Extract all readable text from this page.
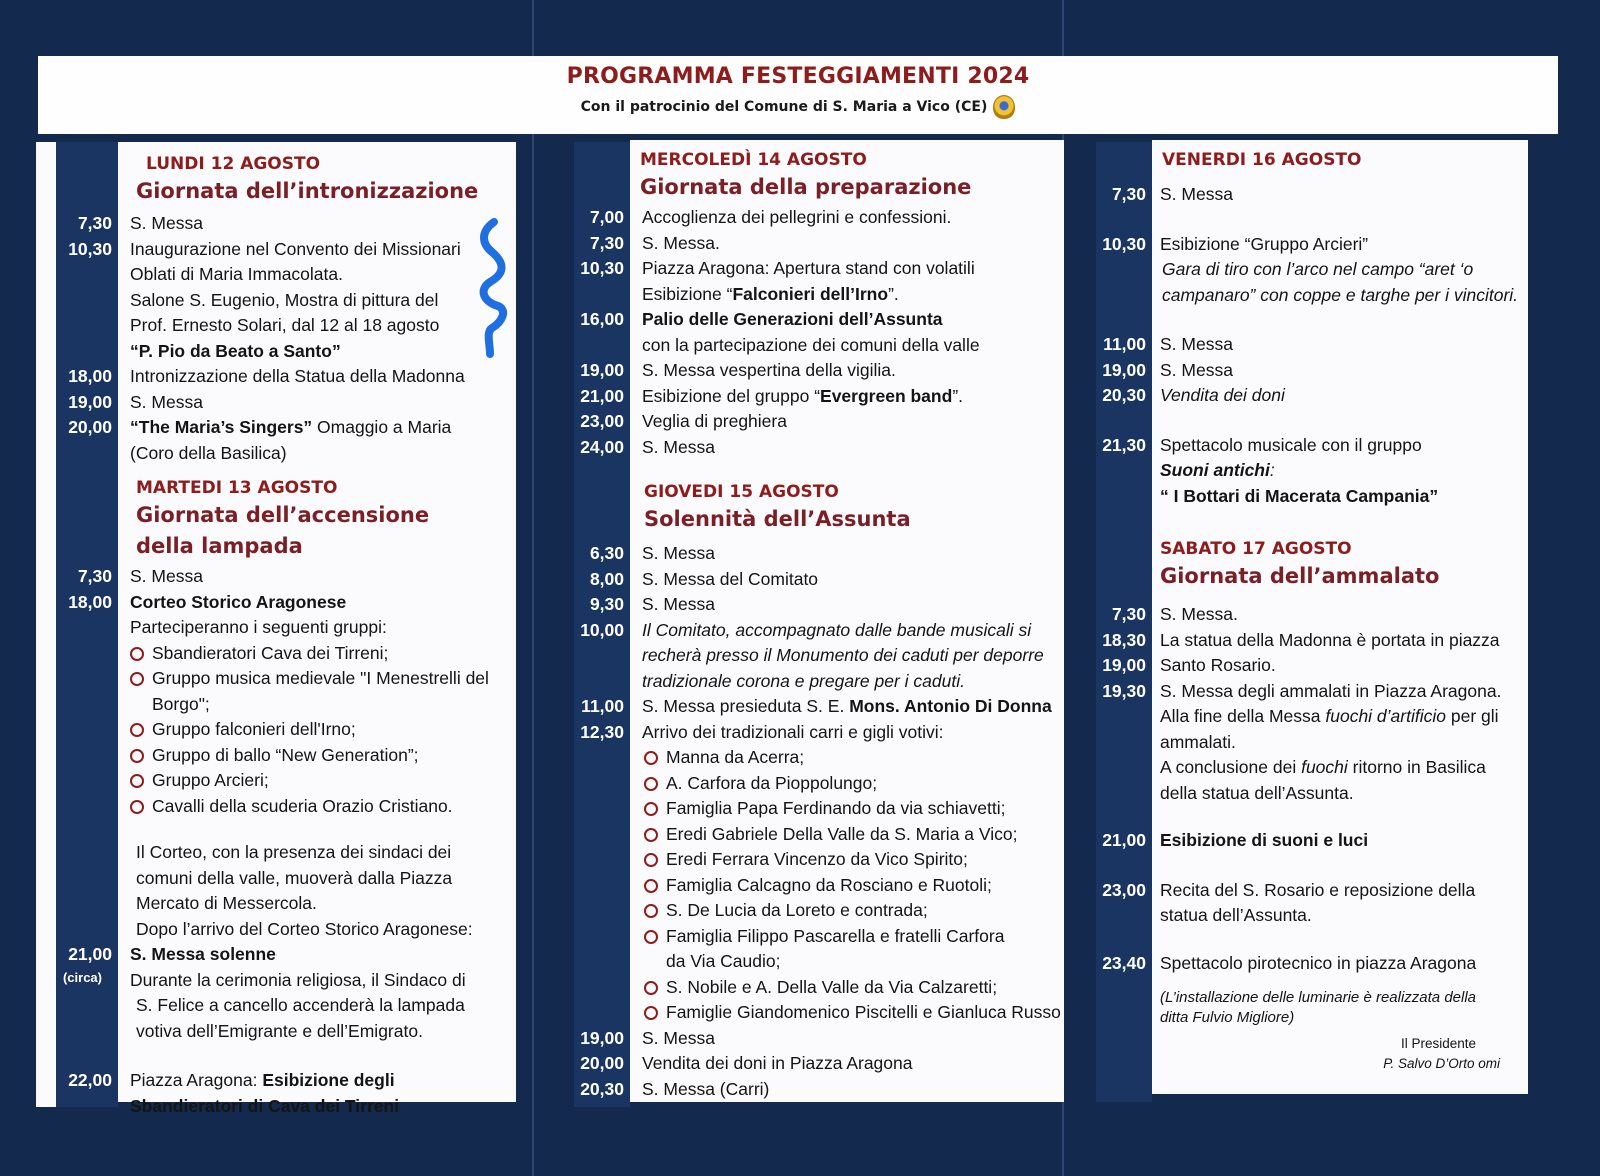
PROGRAMMA FESTEGGIAMENTI 2024
Con il patrocinio del Comune di S. Maria a Vico (CE)
LUNDI 12 AGOSTO
Giornata dell’intronizzazione
7,30	S. Messa
10,30	Inaugurazione nel Convento dei Missionari
Oblati di Maria Immacolata.
Salone S. Eugenio, Mostra di pittura del
Prof. Ernesto Solari, dal 12 al 18 agosto
“P. Pio da Beato a Santo”
18,00	Intronizzazione della Statua della Madonna
19,00	S. Messa
20,00	“The Maria’s Singers” Omaggio a Maria
(Coro della Basilica)
MARTEDI 13 AGOSTO
Giornata dell’accensione
della lampada
7,30	S. Messa
18,00	Corteo Storico Aragonese
Parteciperanno i seguenti gruppi:
Sbandieratori Cava dei Tirreni;
Gruppo musica medievale "I Menestrelli del
Borgo";
Gruppo falconieri dell'Irno;
Gruppo di ballo “New Generation”;
Gruppo Arcieri;
Cavalli della scuderia Orazio Cristiano.
Il Corteo, con la presenza dei sindaci dei
comuni della valle, muoverà dalla Piazza
Mercato di Messercola.
Dopo l’arrivo del Corteo Storico Aragonese:
21,00	S. Messa solenne
(circa)	Durante la cerimonia religiosa, il Sindaco di
S. Felice a cancello accenderà la lampada
votiva dell’Emigrante e dell’Emigrato.
22,00	Piazza Aragona: Esibizione degli
Sbandieratori di Cava dei Tirreni
MERCOLEDÌ 14 AGOSTO
Giornata della preparazione
7,00	Accoglienza dei pellegrini e confessioni.
7,30	S. Messa.
10,30	Piazza Aragona: Apertura stand con volatili
Esibizione “Falconieri dell’Irno”.
16,00	Palio delle Generazioni dell’Assunta
con la partecipazione dei comuni della valle
19,00	S. Messa vespertina della vigilia.
21,00	Esibizione del gruppo “Evergreen band”.
23,00	Veglia di preghiera
24,00	S. Messa
GIOVEDI 15 AGOSTO
Solennità dell’Assunta
6,30	S. Messa
8,00	S. Messa del Comitato
9,30	S. Messa
10,00	Il Comitato, accompagnato dalle bande musicali si
recherà presso il Monumento dei caduti per deporre
tradizionale corona e pregare per i caduti.
11,00	S. Messa presieduta S. E. Mons. Antonio Di Donna
12,30	Arrivo dei tradizionali carri e gigli votivi:
Manna da Acerra;
A. Carfora da Pioppolungo;
Famiglia Papa Ferdinando da via schiavetti;
Eredi Gabriele Della Valle da S. Maria a Vico;
Eredi Ferrara Vincenzo da Vico Spirito;
Famiglia Calcagno da Rosciano e Ruotoli;
S. De Lucia da Loreto e contrada;
Famiglia Filippo Pascarella e fratelli Carfora
da Via Caudio;
S. Nobile e A. Della Valle da Via Calzaretti;
Famiglie Giandomenico Piscitelli e Gianluca Russo
19,00	S. Messa
20,00	Vendita dei doni in Piazza Aragona
20,30	S. Messa (Carri)
VENERDI 16 AGOSTO
7,30 S. Messa
10,30 Esibizione “Gruppo Arcieri”
Gara di tiro con l’arco nel campo “aret ‘o
campanaro” con coppe e targhe per i vincitori.
11,00 S. Messa
19,00 S. Messa
20,30 Vendita dei doni
21,30 Spettacolo musicale con il gruppo
Suoni antichi:
“ I Bottari di Macerata Campania”
SABATO 17 AGOSTO
Giornata dell’ammalato
7,30 S. Messa.
18,30 La statua della Madonna è portata in piazza
19,00 Santo Rosario.
19,30 S. Messa degli ammalati in Piazza Aragona.
Alla fine della Messa fuochi d’artificio per gli
ammalati.
A conclusione dei fuochi ritorno in Basilica
della statua dell’Assunta.
21,00 Esibizione di suoni e luci
23,00 Recita del S. Rosario e reposizione della
statua dell’Assunta.
23,40 Spettacolo pirotecnico in piazza Aragona
(L’installazione delle luminarie è realizzata della
ditta Fulvio Migliore)
Il Presidente
P. Salvo D’Orto omi
